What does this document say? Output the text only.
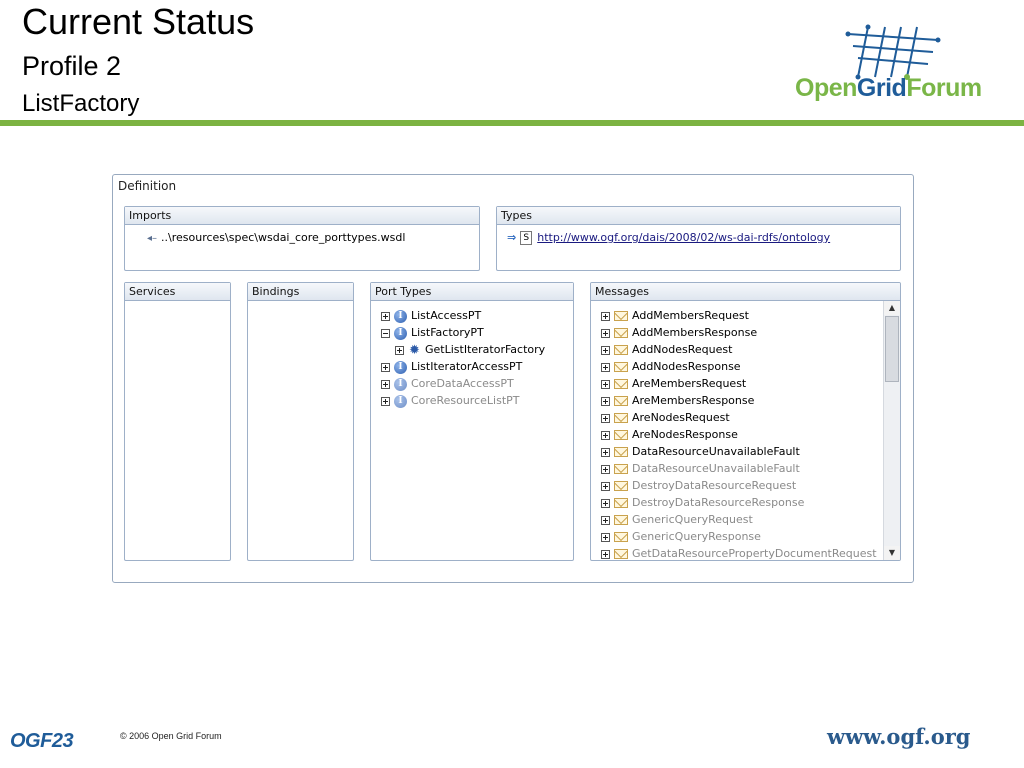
Current Status
Profile 2
ListFactory
OpenGridForum
Definition
Imports
◂– ..\resources\spec\wsdai_core_porttypes.wsdl
Types
⇒ S http://www.ogf.org/dais/2008/02/ws-dai-rdfs/ontology
Services	Bindings	Port Types
I ListAccessPT
I ListFactoryPT
✹ GetListIteratorFactory
I ListIteratorAccessPT
I CoreDataAccessPT
I CoreResourceListPT
Messages
AddMembersRequest
AddMembersResponse
AddNodesRequest
AddNodesResponse
AreMembersRequest
AreMembersResponse
AreNodesRequest
AreNodesResponse
DataResourceUnavailableFault
DataResourceUnavailableFault
DestroyDataResourceRequest
DestroyDataResourceResponse
GenericQueryRequest
GenericQueryResponse
GetDataResourcePropertyDocumentRequest
▲
▼
OGF23	© 2006 Open Grid Forum	www.ogf.org
